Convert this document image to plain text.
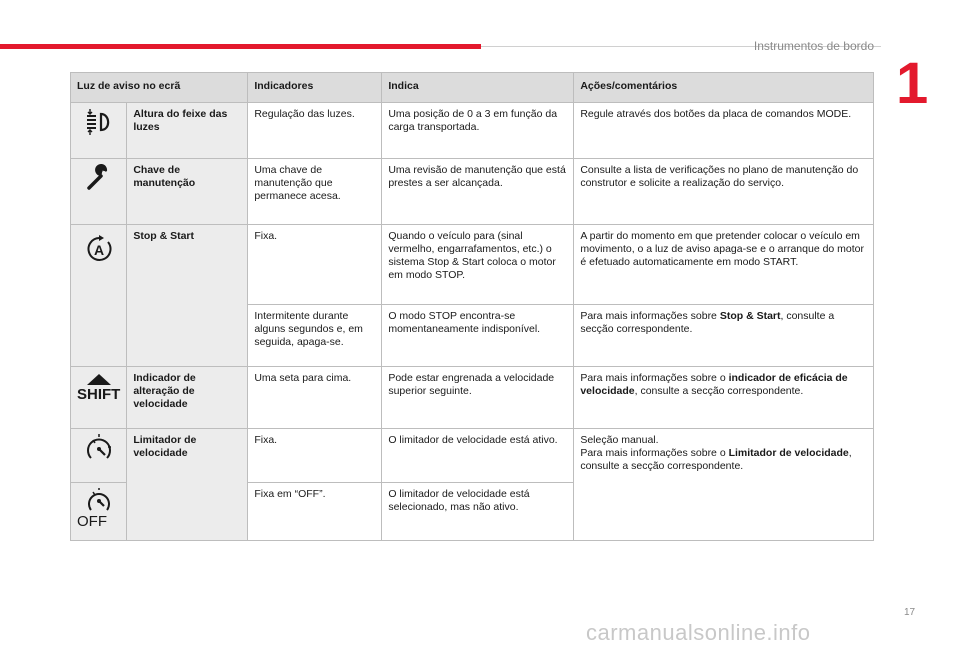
Instrumentos de bordo
1
Luz de aviso no ecrã		Indicadores	Indica	Ações/comentários

	Altura do feixe das luzes	Regulação das luzes.	Uma posição de 0 a 3 em função da carga transportada.	Regule através dos botões da placa de comandos MODE.

	Chave de manutenção	Uma chave de manutenção que permanece acesa.	Uma revisão de manutenção que está prestes a ser alcançada.	Consulte a lista de verificações no plano de manutenção do construtor e solicite a realização do serviço.

A	Stop & Start	Fixa.	Quando o veículo para (sinal vermelho, engarrafamentos, etc.) o sistema Stop & Start coloca o motor em modo STOP.	A partir do momento em que pretender colocar o veículo em movimento, o a luz de aviso apaga-se e o arranque do motor é efetuado automaticamente em modo START.
		Intermitente durante alguns segundos e, em seguida, apaga-se.	O modo STOP encontra-se momentaneamente indisponível.	Para mais informações sobre Stop & Start, consulte a secção correspondente.

SHIFT	Indicador de alteração de velocidade	Uma seta para cima.	Pode estar engrenada a velocidade superior seguinte.	Para mais informações sobre o indicador de eficácia de velocidade, consulte a secção correspondente.

	Limitador de velocidade	Fixa.	O limitador de velocidade está ativo.	Seleção manual.
Para mais informações sobre o Limitador de velocidade, consulte a secção correspondente.

OFF		Fixa em “OFF”.	O limitador de velocidade está selecionado, mas não ativo.	
17
carmanualsonline.info
